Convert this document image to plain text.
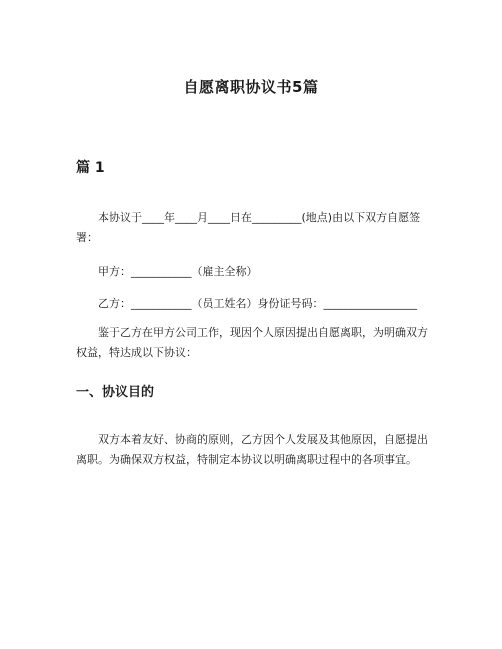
自愿离职协议书5篇
篇 1

本协议于____年____月____日在_________(地点)由以下双方自愿签署：

甲方：___________（雇主全称）

乙方：___________（员工姓名）身份证号码：_________________

鉴于乙方在甲方公司工作，现因个人原因提出自愿离职，为明确双方权益，特达成以下协议：

一、协议目的

双方本着友好、协商的原则，乙方因个人发展及其他原因，自愿提出离职。为确保双方权益，特制定本协议以明确离职过程中的各项事宜。
